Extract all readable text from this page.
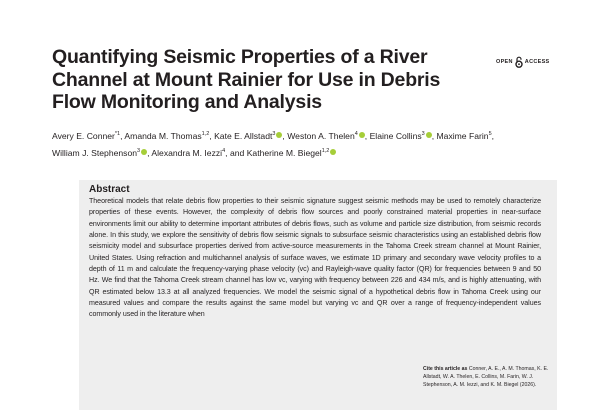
Quantifying Seismic Properties of a River Channel at Mount Rainier for Use in Debris Flow Monitoring and Analysis
OPEN ACCESS
Avery E. Conner$^{*1}$, Amanda M. Thomas$^{1,2}$, Kate E. Allstadt$^3$ , Weston A. Thelen$^4$ , Elaine Collins$^3$ , Maxime Farin$^5$, William J. Stephenson$^3$ , Alexandra M. Iezzi$^4$, and Katherine M. Biegel$^{1,2}$
Abstract

Theoretical models that relate debris flow properties to their seismic signature suggest seismic methods may be used to remotely characterize properties of these events. However, the complexity of debris flow sources and poorly constrained material properties in near-surface environments limit our ability to determine important attributes of debris flows, such as volume and particle size distribution, from seismic records alone. In this study, we explore the sensitivity of debris flow seismic signals to subsurface seismic characteristics using an established debris flow seismicity model and subsurface properties derived from active-source measurements in the Tahoma Creek stream channel at Mount Rainier, United States. Using refraction and multichannel analysis of surface waves, we estimate 1D primary and secondary wave velocity profiles to a depth of 11 m and calculate the frequency-varying phase velocity (vc) and Rayleigh-wave quality factor (QR) for frequencies between 9 and 50 Hz. We find that the Tahoma Creek stream channel has low vc, varying with frequency between 226 and 434 m/s, and is highly attenuating, with QR estimated below 13.3 at all analyzed frequencies. We model the seismic signal of a hypothetical debris flow in Tahoma Creek using our measured values and compare the results against the same model but varying vc and QR over a range of frequency-independent values commonly used in the literature when

Cite this article as Conner, A. E., A. M. Thomas, K. E. Allstadt, W. A. Thelen, E. Collins, M. Farin, W. J. Stephenson, A. M. Iezzi, and K. M. Biegel (2026).
